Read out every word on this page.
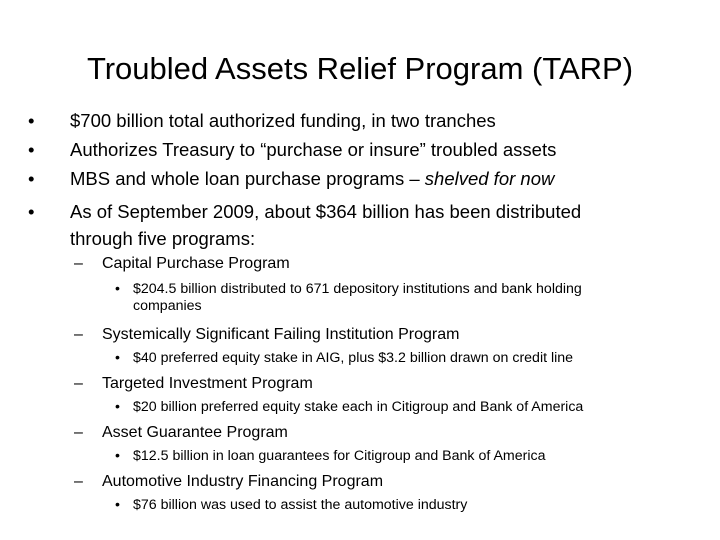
Troubled Assets Relief Program (TARP)
• $700 billion total authorized funding, in two tranches
• Authorizes Treasury to “purchase or insure” troubled assets
• MBS and whole loan purchase programs – shelved for now
• As of September 2009, about $364 billion has been distributed through five programs:
– Capital Purchase Program
• $204.5 billion distributed to 671 depository institutions and bank holding companies
– Systemically Significant Failing Institution Program
• $40 preferred equity stake in AIG, plus $3.2 billion drawn on credit line
– Targeted Investment Program
• $20 billion preferred equity stake each in Citigroup and Bank of America
– Asset Guarantee Program
• $12.5 billion in loan guarantees for Citigroup and Bank of America
– Automotive Industry Financing Program
• $76 billion was used to assist the automotive industry
